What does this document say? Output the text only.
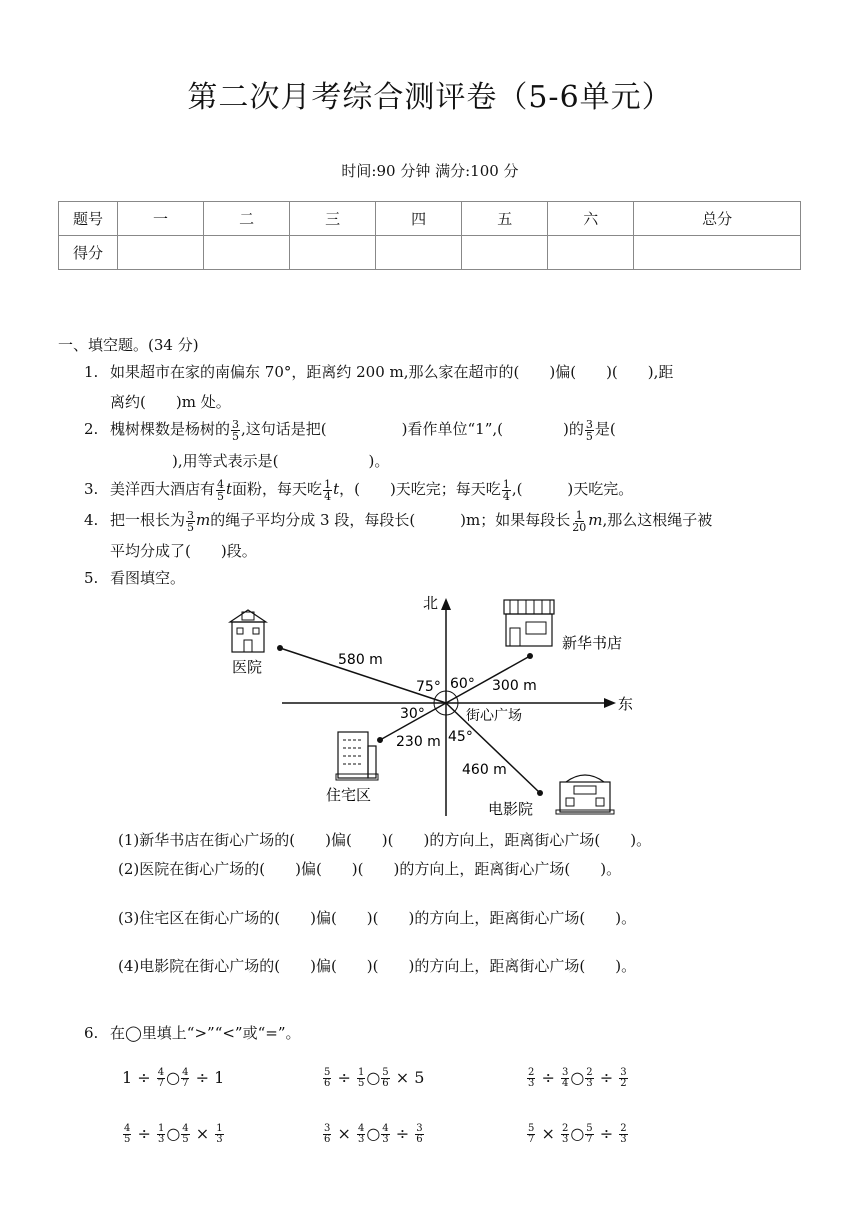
第二次月考综合测评卷（5-6单元）
时间:90 分钟 满分:100 分
题号	一	二	三	四	五	六	总分
得分							
一、填空题。(34 分)
1. 如果超市在家的南偏东 70°，距离约 200 m,那么家在超市的(　　)偏(　　)(　　),距
离约(　　)m 处。
2. 槐树棵数是杨树的 $\frac{3}{5}$ ,这句话是把(　　　　　)看作单位“1”,(　　　　)的 $\frac{3}{5}$ 是(
),用等式表示是(　　　　　　)。
3. 美洋西大酒店有 $\frac{4}{5}$ t面粉，每天吃 $\frac{1}{4}$ t，(　　)天吃完；每天吃 $\frac{1}{4}$ ,(　　　)天吃完。
4. 把一根长为 $\frac{3}{5}$ m的绳子平均分成 3 段，每段长(　　　)m；如果每段长 $\frac{1}{20} m$,那么这根绳子被
平均分成了(　　)段。
5. 看图填空。
北
东
75° 60°
30°
45°
580 m
300 m
230 m
460 m
街心广场
医院
新华书店
住宅区
电影院
(1)新华书店在街心广场的(　　)偏(　　)(　　)的方向上，距离街心广场(　　)。
(2)医院在街心广场的(　　)偏(　　)(　　)的方向上，距离街心广场(　　)。
(3)住宅区在街心广场的(　　)偏(　　)(　　)的方向上，距离街心广场(　　)。
(4)电影院在街心广场的(　　)偏(　　)(　　)的方向上，距离街心广场(　　)。
6. 在◯里填上“>”“<”或“=”。
$1 \div \frac{4}{7}$ ○ $\frac{4}{7} \div 1$	$\frac{5}{6} \div \frac{1}{5}$ ○ $\frac{5}{6} \times 5$	$\frac{2}{3} \div \frac{3}{4}$ ○ $\frac{2}{3} \div \frac{3}{2}$
$\frac{4}{5} \div \frac{1}{3}$ ○ $\frac{4}{5} \times \frac{1}{3}$	$\frac{3}{6} \times \frac{4}{3}$ ○ $\frac{4}{3} \div \frac{3}{6}$	$\frac{5}{7} \times \frac{2}{3}$ ○ $\frac{5}{7} \div \frac{2}{3}$
